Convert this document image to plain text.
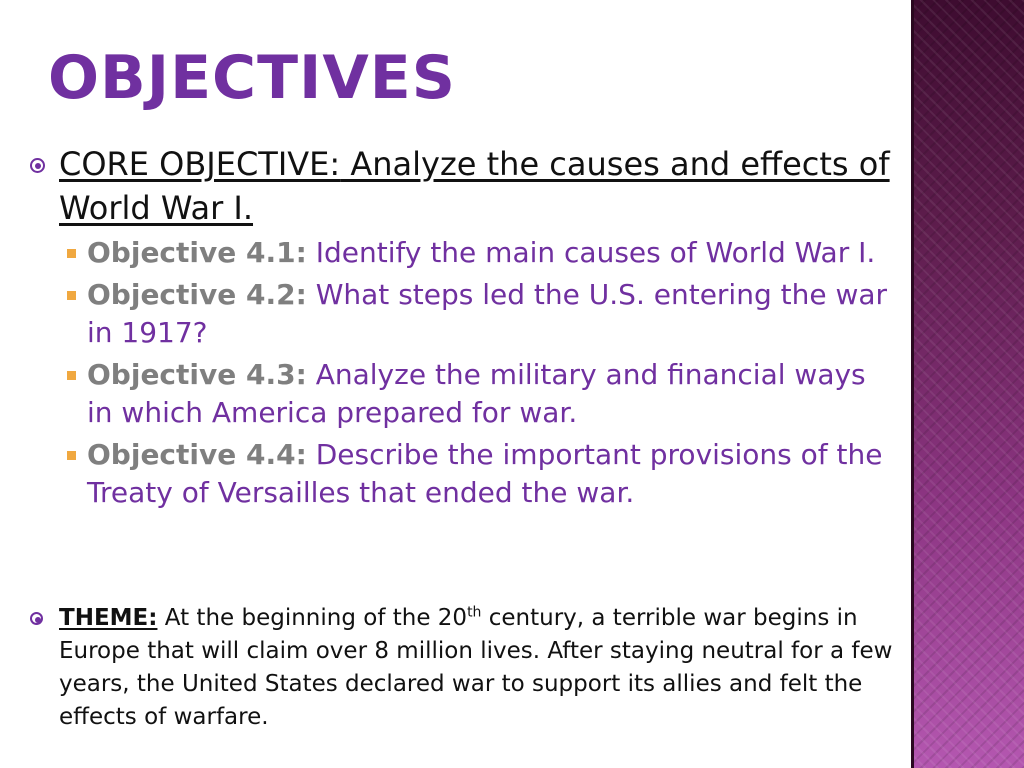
OBJECTIVES
CORE OBJECTIVE: Analyze the causes and effects of World War I.
Objective 4.1: Identify the main causes of World War I.
Objective 4.2: What steps led the U.S. entering the war in 1917?
Objective 4.3: Analyze the military and financial ways in which America prepared for war.
Objective 4.4: Describe the important provisions of the Treaty of Versailles that ended the war.
THEME: At the beginning of the 20th century, a terrible war begins in Europe that will claim over 8 million lives. After staying neutral for a few years, the United States declared war to support its allies and felt the effects of warfare.
